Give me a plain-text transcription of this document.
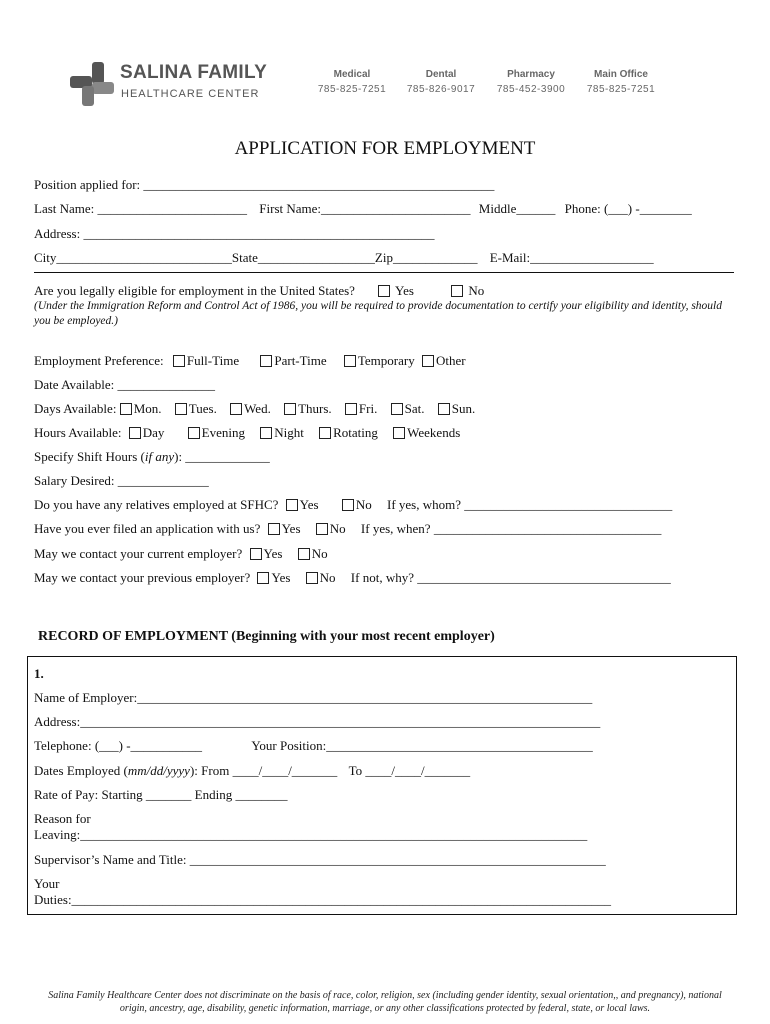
SALINA FAMILY
HEALTHCARE CENTER
Medical
785-825-7251
Dental
785-826-9017
Pharmacy
785-452-3900
Main Office
785-825-7251
APPLICATION FOR EMPLOYMENT
Position applied for: ______________________________________________________
Last Name: _______________________ First Name:_______________________ Middle______ Phone: (___) -________
Address: ______________________________________________________
City___________________________State__________________Zip_____________ E-Mail:___________________
Are you legally eligible for employment in the United States?	Yes	No
(Under the Immigration Reform and Control Act of 1986, you will be required to provide documentation to certify your eligibility and identity, should you be employed.)
Employment Preference: Full-Time	Part-Time Temporary Other
Date Available: _______________
Days Available: Mon. Tues. Wed. Thurs. Fri. Sat. Sun.
Hours Available: Day	Evening Night Rotating Weekends
Specify Shift Hours (if any): _____________
Salary Desired: ______________
Do you have any relatives employed at SFHC? Yes	No If yes, whom? ________________________________
Have you ever filed an application with us? Yes No If yes, when? ___________________________________
May we contact your current employer? Yes No
May we contact your previous employer? Yes No If not, why? _______________________________________
RECORD OF EMPLOYMENT (Beginning with your most recent employer)
1.
Name of Employer:______________________________________________________________________
Address:________________________________________________________________________________
Telephone: (___) -___________	Your Position:_________________________________________
Dates Employed (mm/dd/yyyy): From ____/____/_______ To ____/____/_______
Rate of Pay: Starting _______ Ending ________
Reason for
Leaving:______________________________________________________________________________
Supervisor’s Name and Title: ________________________________________________________________
Your
Duties:___________________________________________________________________________________
Salina Family Healthcare Center does not discriminate on the basis of race, color, religion, sex (including gender identity, sexual orientation,, and pregnancy), national
origin, ancestry, age, disability, genetic information, marriage, or any other classifications protected by federal, state, or local laws.
